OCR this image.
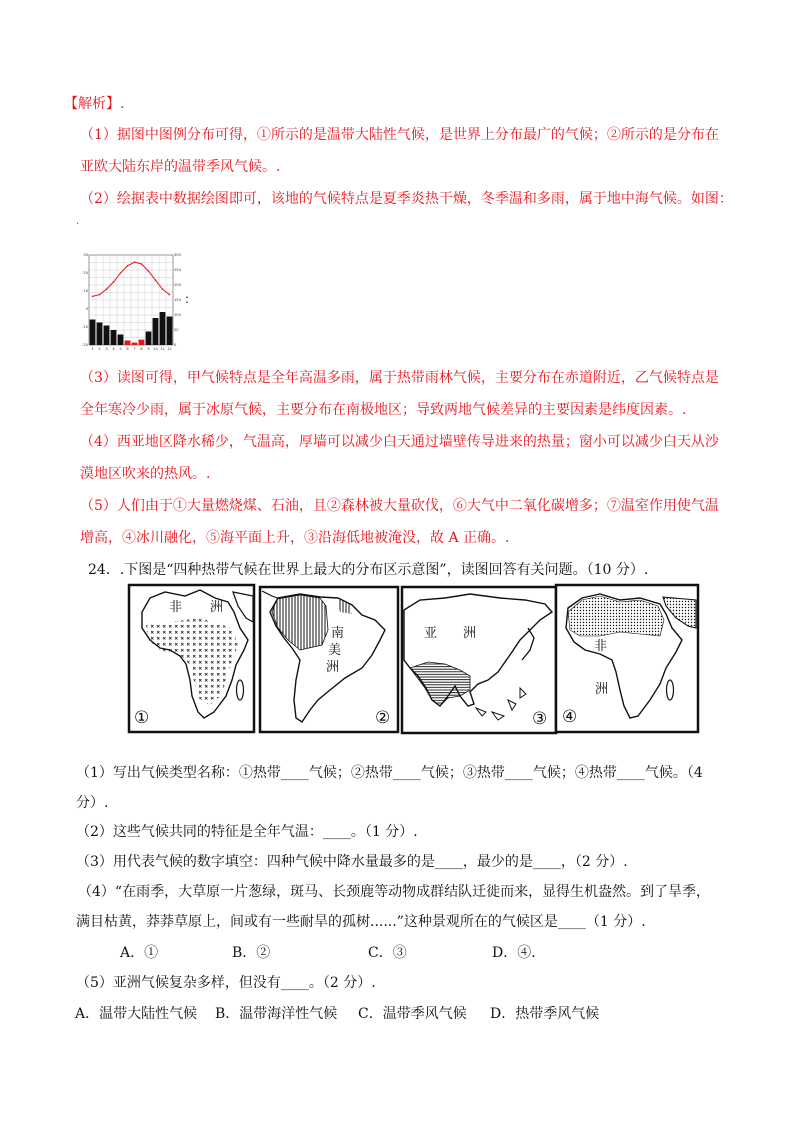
【解析】.
（1）据图中图例分布可得，①所示的是温带大陆性气候，是世界上分布最广的气候；②所示的是分布在
亚欧大陆东岸的温带季风气候。.
（2）绘据表中数据绘图即可，该地的气候特点是夏季炎热干燥，冬季温和多雨，属于地中海气候。如图：
.
30
20
10
0
-10
-20
300
250
200
150
100
50
0
1 2 3 4 5 6 7 8 9 10 11 12
:
（3）读图可得，甲气候特点是全年高温多雨，属于热带雨林气候，主要分布在赤道附近，乙气候特点是
全年寒冷少雨，属于冰原气候，主要分布在南极地区；导致两地气候差异的主要因素是纬度因素。.
（4）西亚地区降水稀少，气温高，厚墙可以减少白天通过墙壁传导进来的热量；窗小可以减少白天从沙
漠地区吹来的热风。.
（5）人们由于①大量燃烧煤、石油，且②森林被大量砍伐，⑥大气中二氧化碳增多；⑦温室作用使气温
增高，④冰川融化，⑤海平面上升，③沿海低地被淹没，故 A 正确。.
24．.下图是“四种热带气候在世界上最大的分布区示意图”，读图回答有关问题。（10 分）.
非 洲
①
南
美
洲
②
亚 洲
③
非
洲
④
（1）写出气候类型名称：①热带____气候；②热带____气候；③热带____气候；④热带____气候。（4
分）.
（2）这些气候共同的特征是全年气温：____。（1 分）.
（3）用代表气候的数字填空：四种气候中降水量最多的是____，最少的是____，（2 分）.
（4）“在雨季，大草原一片葱绿，斑马、长颈鹿等动物成群结队迁徙而来，显得生机盎然。到了旱季，
满目枯黄，莽莽草原上，间或有一些耐旱的孤树......”这种景观所在的气候区是____（1 分）.
A．①	B．②	C．③	D．④.
（5）亚洲气候复杂多样，但没有____。（2 分）.
A．温带大陆性气候 B．温带海洋性气候 C．温带季风气候 D．热带季风气候
